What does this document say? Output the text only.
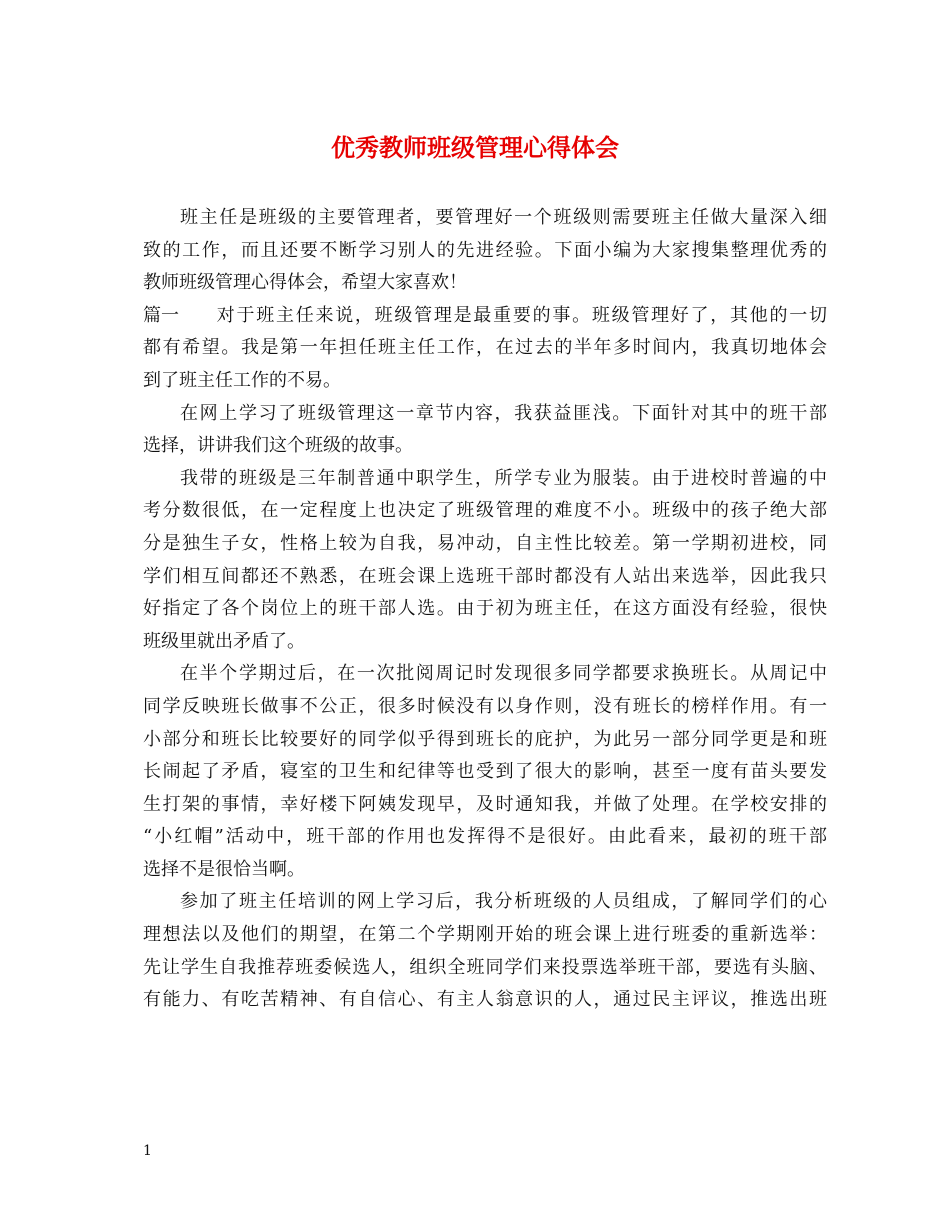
优秀教师班级管理心得体会
班主任是班级的主要管理者，要管理好一个班级则需要班主任做大量深入细
致的工作，而且还要不断学习别人的先进经验。下面小编为大家搜集整理优秀的
教师班级管理心得体会，希望大家喜欢！
篇一 对于班主任来说，班级管理是最重要的事。班级管理好了，其他的一切
都有希望。我是第一年担任班主任工作，在过去的半年多时间内，我真切地体会
到了班主任工作的不易。
在网上学习了班级管理这一章节内容，我获益匪浅。下面针对其中的班干部
选择，讲讲我们这个班级的故事。
我带的班级是三年制普通中职学生，所学专业为服装。由于进校时普遍的中
考分数很低，在一定程度上也决定了班级管理的难度不小。班级中的孩子绝大部
分是独生子女，性格上较为自我，易冲动，自主性比较差。第一学期初进校，同
学们相互间都还不熟悉，在班会课上选班干部时都没有人站出来选举，因此我只
好指定了各个岗位上的班干部人选。由于初为班主任，在这方面没有经验，很快
班级里就出矛盾了。
在半个学期过后，在一次批阅周记时发现很多同学都要求换班长。从周记中
同学反映班长做事不公正，很多时候没有以身作则，没有班长的榜样作用。有一
小部分和班长比较要好的同学似乎得到班长的庇护，为此另一部分同学更是和班
长闹起了矛盾，寝室的卫生和纪律等也受到了很大的影响，甚至一度有苗头要发
生打架的事情，幸好楼下阿姨发现早，及时通知我，并做了处理。在学校安排的
“小红帽”活动中，班干部的作用也发挥得不是很好。由此看来，最初的班干部
选择不是很恰当啊。
参加了班主任培训的网上学习后，我分析班级的人员组成，了解同学们的心
理想法以及他们的期望，在第二个学期刚开始的班会课上进行班委的重新选举：
先让学生自我推荐班委候选人，组织全班同学们来投票选举班干部，要选有头脑、
有能力、有吃苦精神、有自信心、有主人翁意识的人，通过民主评议，推选出班
1
